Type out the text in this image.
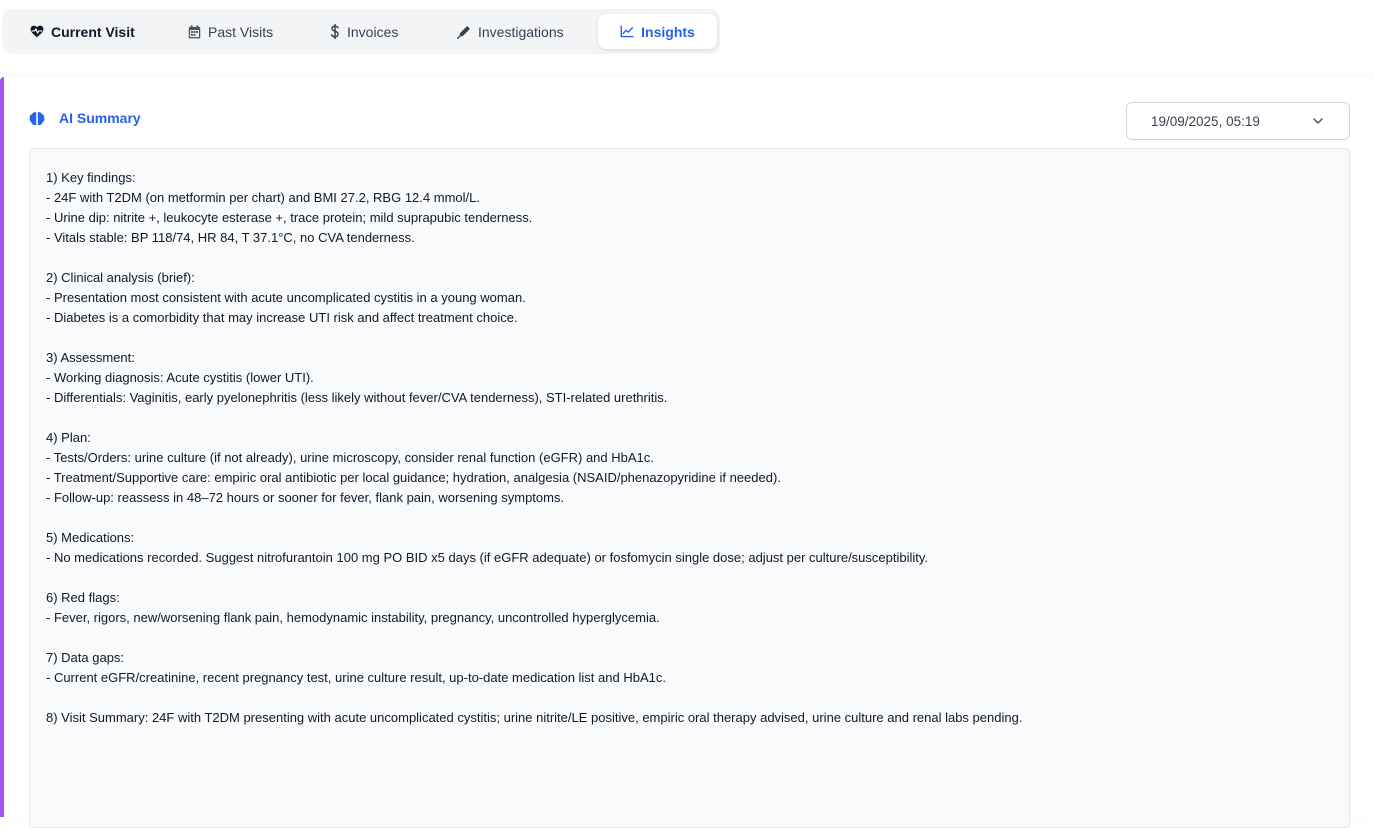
Current Visit	Past Visits	Invoices	Investigations	Insights
AI Summary	19/09/2025, 05:19
1) Key findings:
- 24F with T2DM (on metformin per chart) and BMI 27.2, RBG 12.4 mmol/L.
- Urine dip: nitrite +, leukocyte esterase +, trace protein; mild suprapubic tenderness.
- Vitals stable: BP 118/74, HR 84, T 37.1°C, no CVA tenderness.

2) Clinical analysis (brief):
- Presentation most consistent with acute uncomplicated cystitis in a young woman.
- Diabetes is a comorbidity that may increase UTI risk and affect treatment choice.

3) Assessment:
- Working diagnosis: Acute cystitis (lower UTI).
- Differentials: Vaginitis, early pyelonephritis (less likely without fever/CVA tenderness), STI-related urethritis.

4) Plan:
- Tests/Orders: urine culture (if not already), urine microscopy, consider renal function (eGFR) and HbA1c.
- Treatment/Supportive care: empiric oral antibiotic per local guidance; hydration, analgesia (NSAID/phenazopyridine if needed).
- Follow-up: reassess in 48–72 hours or sooner for fever, flank pain, worsening symptoms.

5) Medications:
- No medications recorded. Suggest nitrofurantoin 100 mg PO BID x5 days (if eGFR adequate) or fosfomycin single dose; adjust per culture/susceptibility.

6) Red flags:
- Fever, rigors, new/worsening flank pain, hemodynamic instability, pregnancy, uncontrolled hyperglycemia.

7) Data gaps:
- Current eGFR/creatinine, recent pregnancy test, urine culture result, up-to-date medication list and HbA1c.

8) Visit Summary: 24F with T2DM presenting with acute uncomplicated cystitis; urine nitrite/LE positive, empiric oral therapy advised, urine culture and renal labs pending.
